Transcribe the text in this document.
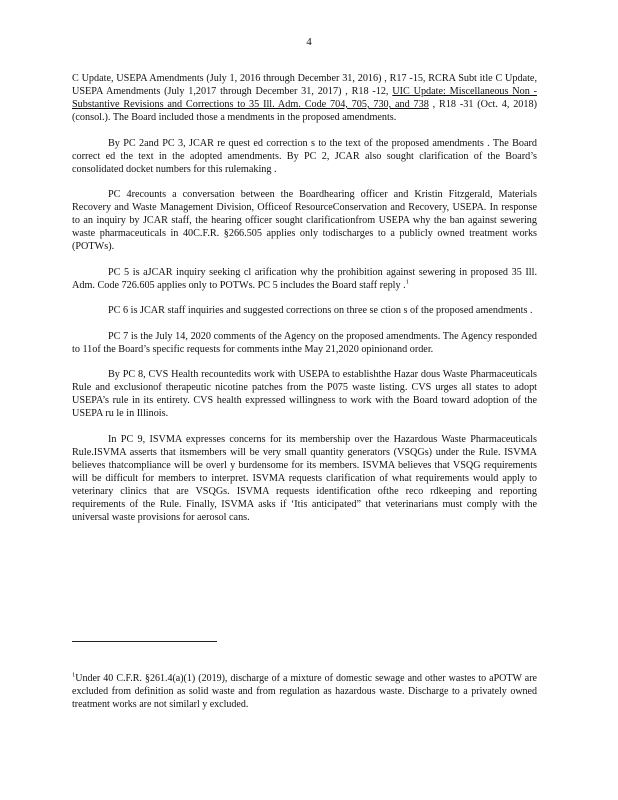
4

C Update, USEPA Amendments (July 1, 2016 through December 31, 2016) , R17 -15, RCRA Subt itle C Update, USEPA Amendments (July 1,2017 through December 31, 2017) , R18 -12, UIC Update: Miscellaneous Non -Substantive Revisions and Corrections to 35 Ill. Adm. Code 704, 705, 730, and 738 , R18 -31 (Oct. 4, 2018) (consol.). The Board included those a mendments in the proposed amendments.

By PC 2and PC 3, JCAR re quest ed correction s to the text of the proposed amendments . The Board correct ed the text in the adopted amendments. By PC 2, JCAR also sought clarification of the Board’s consolidated docket numbers for this rulemaking .

PC 4recounts a conversation between the Boardhearing officer and Kristin Fitzgerald, Materials Recovery and Waste Management Division, Officeof ResourceConservation and Recovery, USEPA. In response to an inquiry by JCAR staff, the hearing officer sought clarificationfrom USEPA why the ban against sewering waste pharmaceuticals in 40C.F.R. §266.505 applies only todischarges to a publicly owned treatment works (POTWs).

PC 5 is aJCAR inquiry seeking cl arification why the prohibition against sewering in proposed 35 Ill. Adm. Code 726.605 applies only to POTWs. PC 5 includes the Board staff reply .$^1$

PC 6 is JCAR staff inquiries and suggested corrections on three se ction s of the proposed amendments .

PC 7 is the July 14, 2020 comments of the Agency on the proposed amendments. The Agency responded to 11of the Board’s specific requests for comments inthe May 21,2020 opinionand order.

By PC 8, CVS Health recountedits work with USEPA to establishthe Hazar dous Waste Pharmaceuticals Rule and exclusionof therapeutic nicotine patches from the P075 waste listing. CVS urges all states to adopt USEPA’s rule in its entirety. CVS health expressed willingness to work with the Board toward adoption of the USEPA ru le in Illinois.

In PC 9, ISVMA expresses concerns for its membership over the Hazardous Waste Pharmaceuticals Rule.ISVMA asserts that itsmembers will be very small quantity generators (VSQGs) under the Rule. ISVMA believes thatcompliance will be overl y burdensome for its members. ISVMA believes that VSQG requirements will be difficult for members to interpret. ISVMA requests clarification of what requirements would apply to veterinary clinics that are VSQGs. ISVMA requests identification ofthe reco rdkeeping and reporting requirements of the Rule. Finally, ISVMA asks if ‘Itis anticipated” that veterinarians must comply with the universal waste provisions for aerosol cans.

$^1$Under 40 C.F.R. §261.4(a)(1) (2019), discharge of a mixture of domestic sewage and other wastes to aPOTW are excluded from definition as solid waste and from regulation as hazardous waste. Discharge to a privately owned treatment works are not similarl y excluded.
